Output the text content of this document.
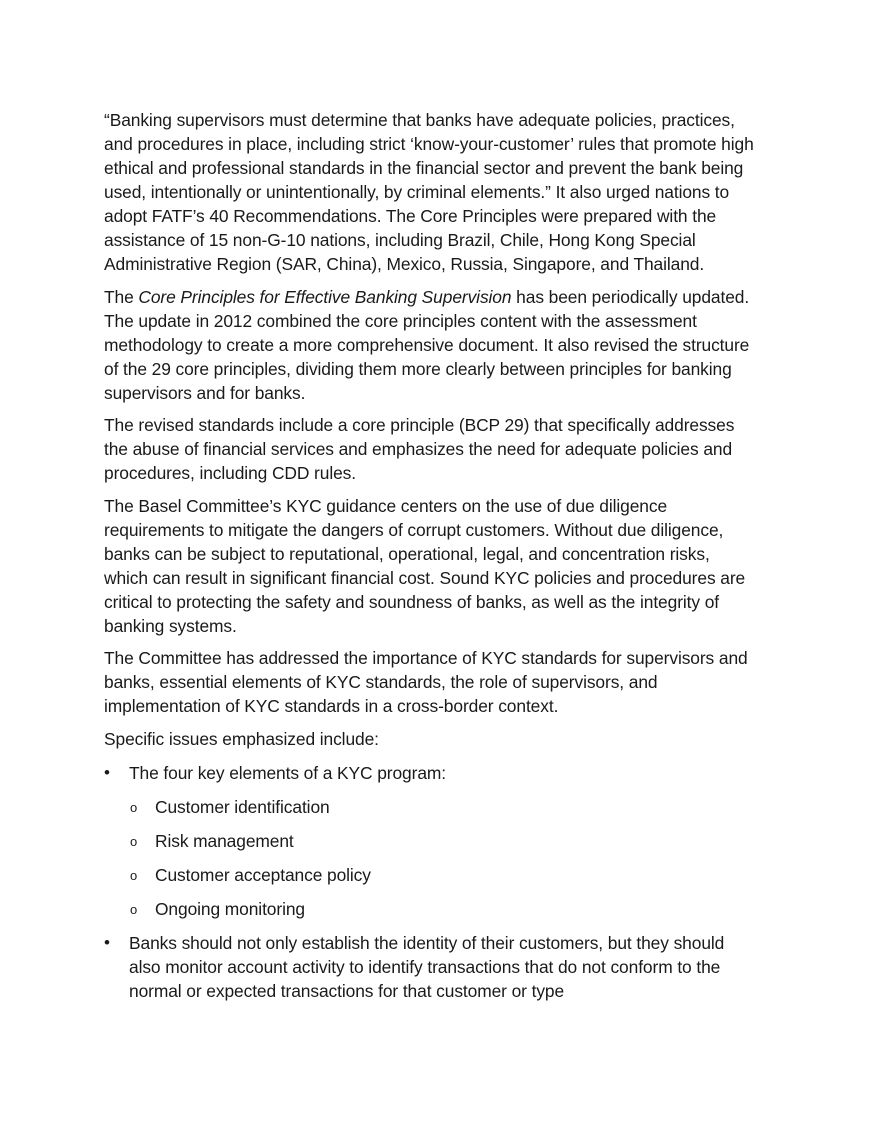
“Banking supervisors must determine that banks have adequate policies, practices, and procedures in place, including strict ‘know-your-customer’ rules that promote high ethical and professional standards in the financial sector and prevent the bank being used, intentionally or unintentionally, by criminal elements.” It also urged nations to adopt FATF’s 40 Recommendations. The Core Principles were prepared with the assistance of 15 non-G-10 nations, including Brazil, Chile, Hong Kong Special Administrative Region (SAR, China), Mexico, Russia, Singapore, and Thailand.

The Core Principles for Effective Banking Supervision has been periodically updated. The update in 2012 combined the core principles content with the assessment methodology to create a more comprehensive document. It also revised the structure of the 29 core principles, dividing them more clearly between principles for banking supervisors and for banks.

The revised standards include a core principle (BCP 29) that specifically addresses the abuse of financial services and emphasizes the need for adequate policies and procedures, including CDD rules.

The Basel Committee’s KYC guidance centers on the use of due diligence requirements to mitigate the dangers of corrupt customers. Without due diligence, banks can be subject to reputational, operational, legal, and concentration risks, which can result in significant financial cost. Sound KYC policies and procedures are critical to protecting the safety and soundness of banks, as well as the integrity of banking systems.

The Committee has addressed the importance of KYC standards for supervisors and banks, essential elements of KYC standards, the role of supervisors, and implementation of KYC standards in a cross-border context.

Specific issues emphasized include:

• The four key elements of a KYC program:
o Customer identification
o Risk management
o Customer acceptance policy
o Ongoing monitoring
• Banks should not only establish the identity of their customers, but they should also monitor account activity to identify transactions that do not conform to the normal or expected transactions for that customer or type
